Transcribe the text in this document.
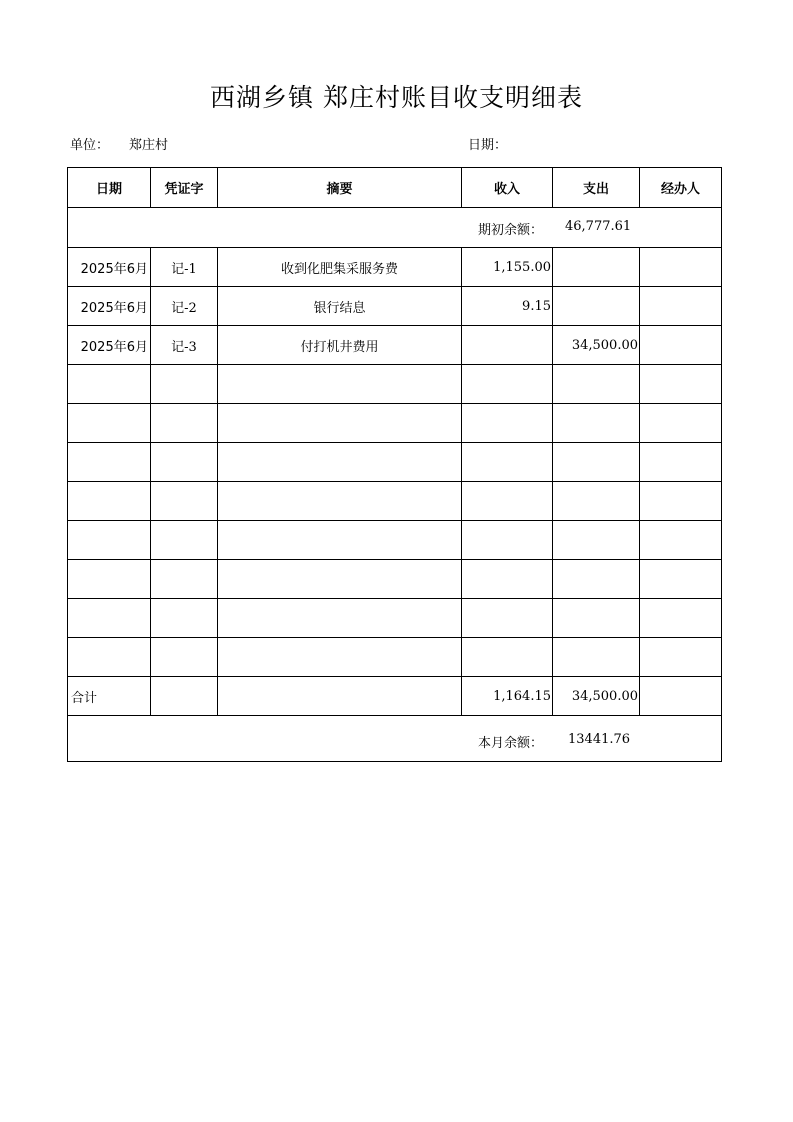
西湖乡镇 郑庄村账目收支明细表
单位： 郑庄村	日期：
日期	凭证字	摘要	收入	支出	经办人

期初余额： 46,777.61					

2025年6月	记-1	收到化肥集采服务费	1,155.00		
2025年6月	记-2	银行结息	9.15		
2025年6月	记-3	付打机井费用		34,500.00	

合计			1,164.15	34,500.00	

本月余额： 13441.76					
